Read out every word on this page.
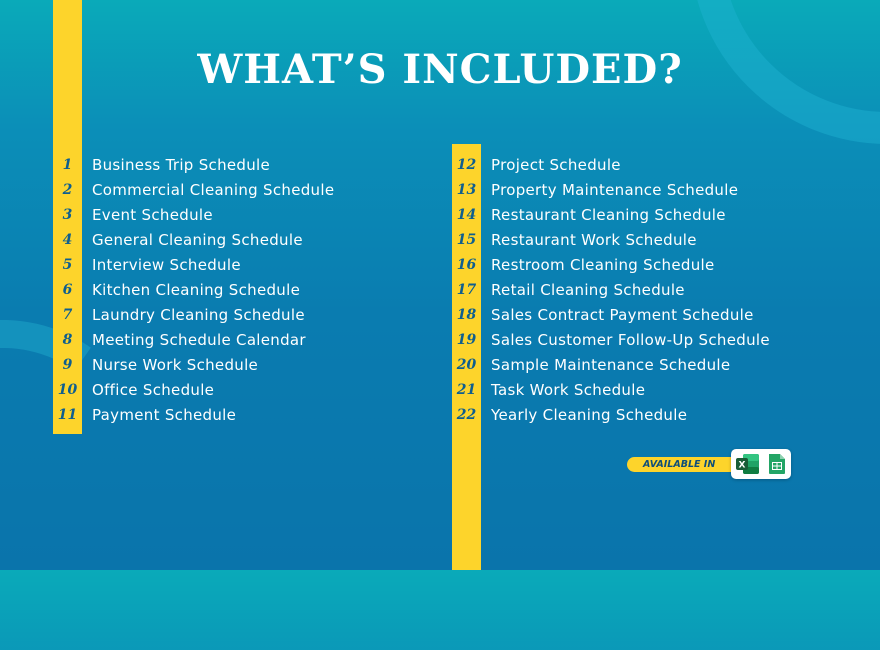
WHAT’S INCLUDED?
1	Business Trip Schedule
2	Commercial Cleaning Schedule
3	Event Schedule
4	General Cleaning Schedule
5	Interview Schedule
6	Kitchen Cleaning Schedule
7	Laundry Cleaning Schedule
8	Meeting Schedule Calendar
9	Nurse Work Schedule
10 Office Schedule
11 Payment Schedule
12 Project Schedule
13 Property Maintenance Schedule
14 Restaurant Cleaning Schedule
15 Restaurant Work Schedule
16 Restroom Cleaning Schedule
17 Retail Cleaning Schedule
18 Sales Contract Payment Schedule
19 Sales Customer Follow-Up Schedule
20 Sample Maintenance Schedule
21 Task Work Schedule
22 Yearly Cleaning Schedule
AVAILABLE IN	X
